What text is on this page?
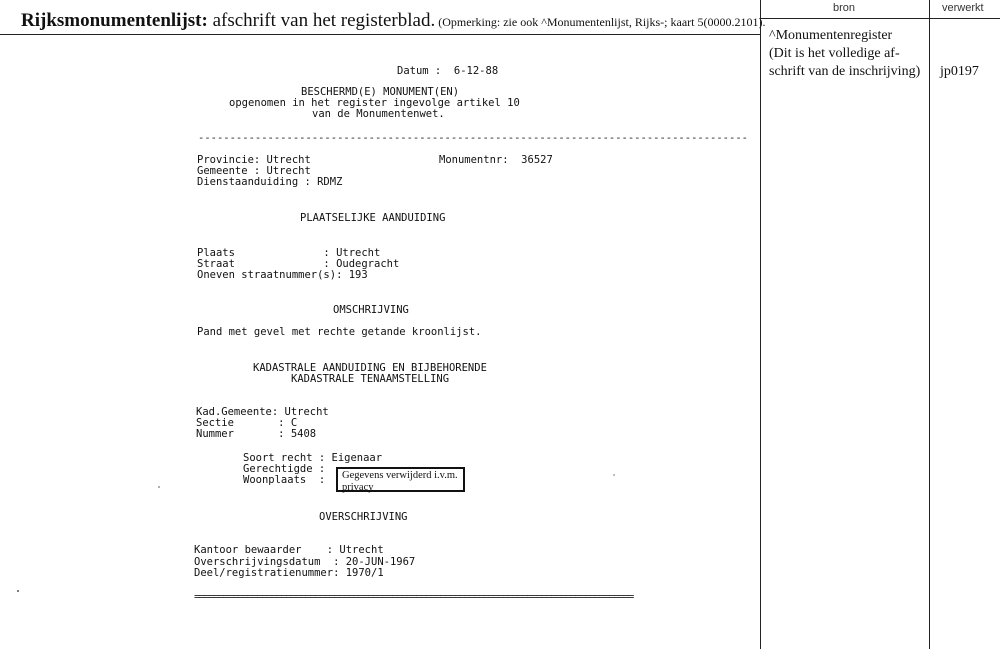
Rijksmonumentenlijst: afschrift van het registerblad. (Opmerking: zie ook ^Monumentenlijst, Rijks-; kaart 5(0000.2101).
bron	verwerkt
^Monumentenregister
(Dit is het volledige af-
schrift van de inschrijving) jp0197
Datum :  6-12-88
BESCHERMD(E) MONUMENT(EN)
opgenomen in het register ingevolge artikel 10
van de Monumentenwet.
---------------------------------------------------------------------------------------
Provincie: Utrecht	Monumentnr:  36527
Gemeente : Utrecht
Dienstaanduiding : RDMZ
PLAATSELIJKE AANDUIDING
Plaats              : Utrecht
Straat              : Oudegracht
Oneven straatnummer(s): 193
OMSCHRIJVING
Pand met gevel met rechte getande kroonlijst.
KADASTRALE AANDUIDING EN BIJBEHORENDE
KADASTRALE TENAAMSTELLING
Kad.Gemeente: Utrecht
Sectie       : C
Nummer       : 5408
Soort recht : Eigenaar
Gerechtigde :
Woonplaats  :	Gegevens verwijderd i.v.m. privacy
OVERSCHRIJVING
Kantoor bewaarder    : Utrecht
Overschrijvingsdatum  : 20-JUN-1967
Deel/registratienummer: 1970/1
===========================================================================================
